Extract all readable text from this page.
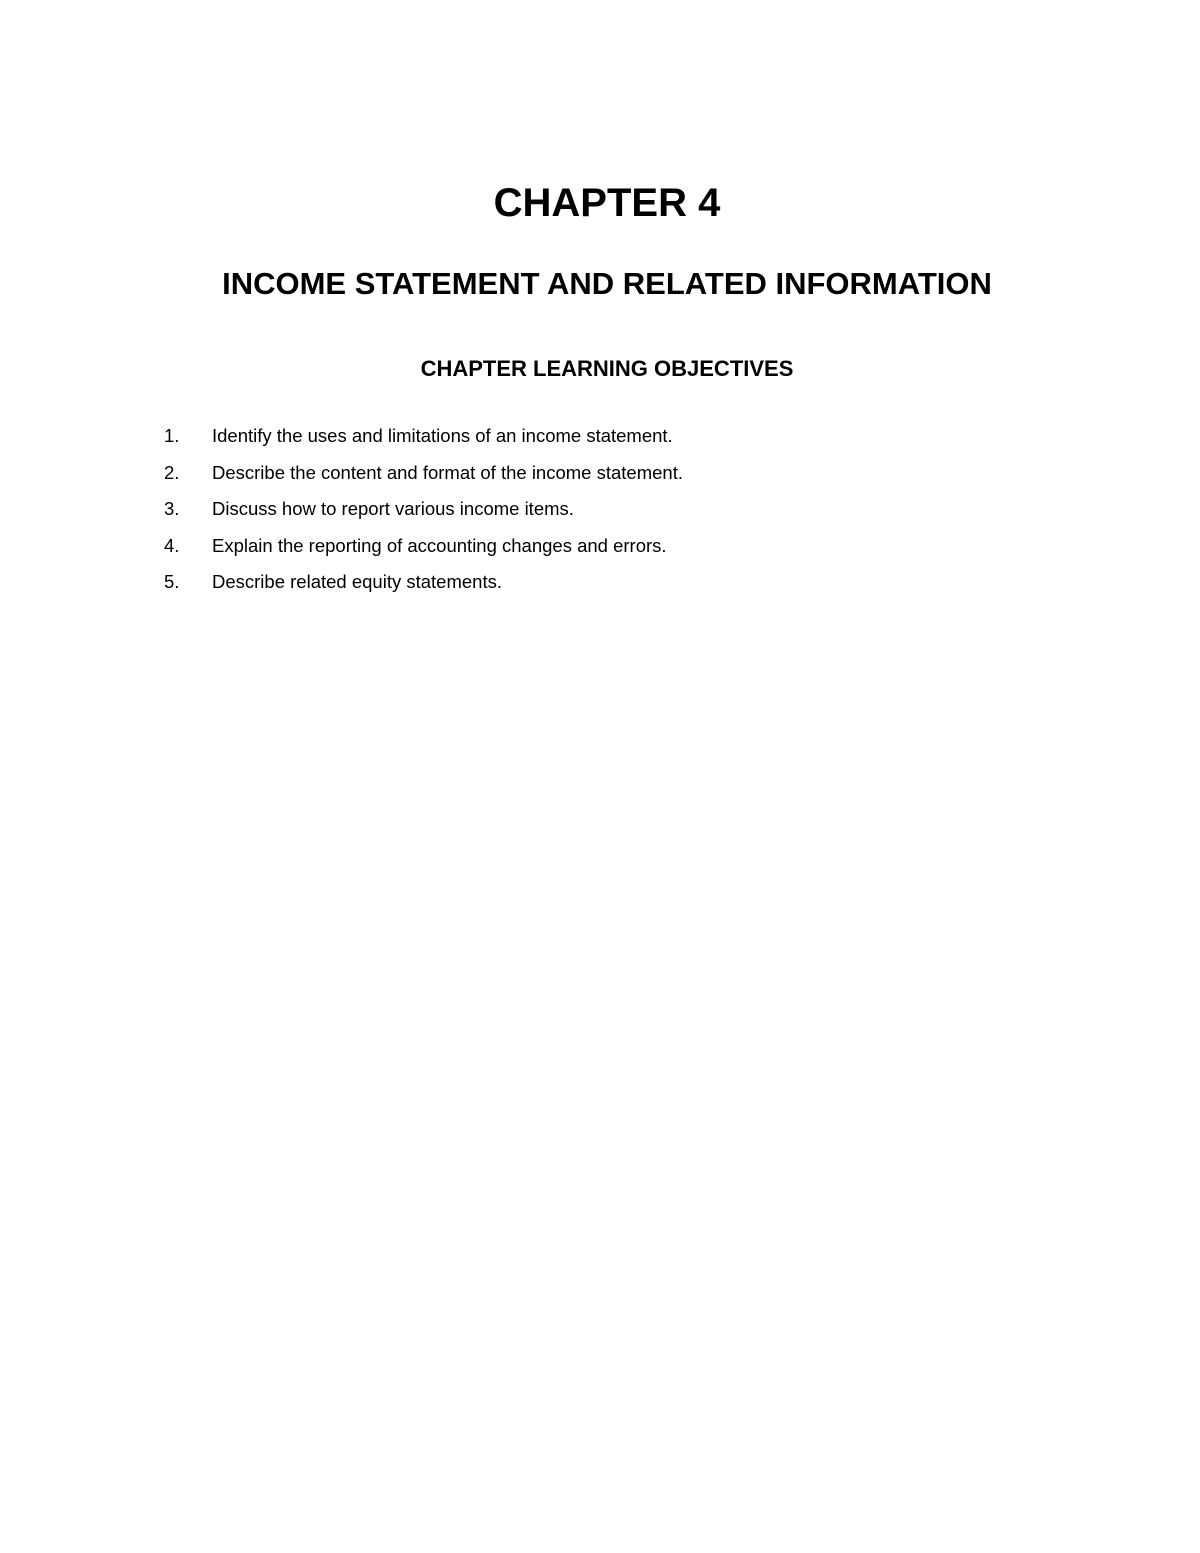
CHAPTER 4
INCOME STATEMENT AND RELATED INFORMATION
CHAPTER LEARNING OBJECTIVES
1.	Identify the uses and limitations of an income statement.
2.	Describe the content and format of the income statement.
3.	Discuss how to report various income items.
4.	Explain the reporting of accounting changes and errors.
5.	Describe related equity statements.
